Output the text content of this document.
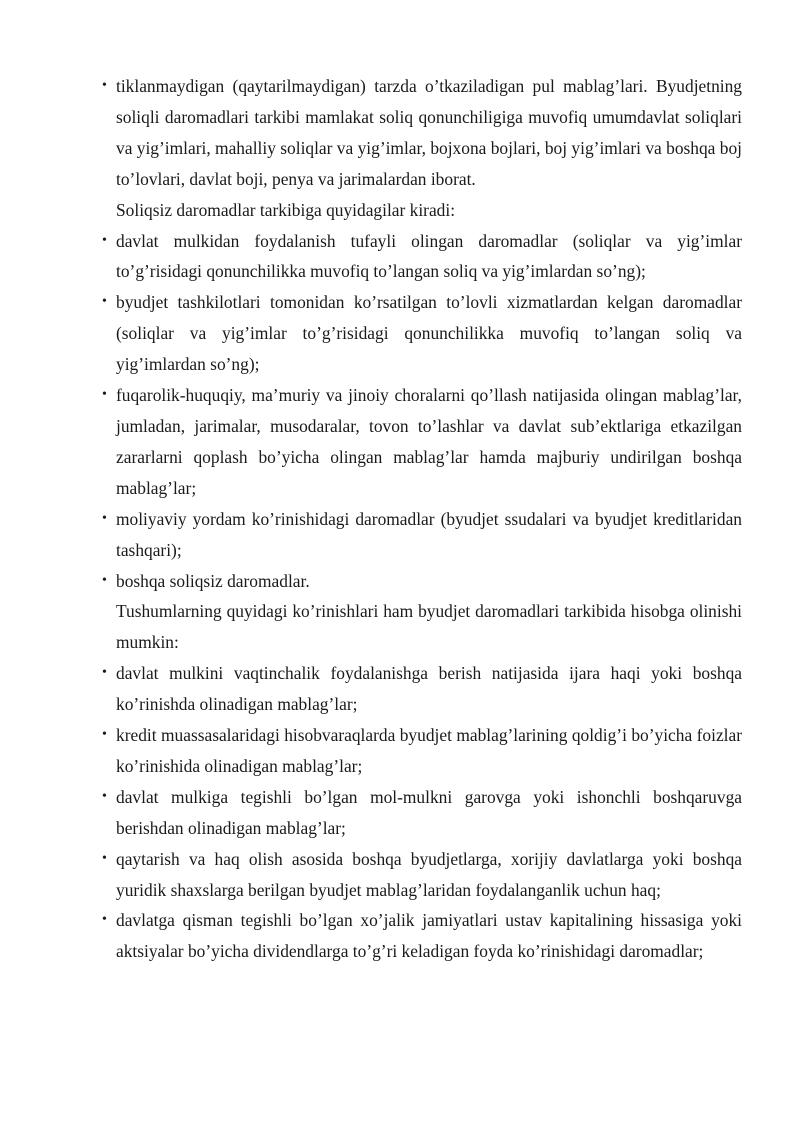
• tiklanmaydigan (qaytarilmaydigan) tarzda o’tkaziladigan pul mablag’lari. Byudjetning soliqli daromadlari tarkibi mamlakat soliq qonunchiligiga muvofiq umumdavlat soliqlari va yig’imlari, mahalliy soliqlar va yig’imlar, bojxona bojlari, boj yig’imlari va boshqa boj to’lovlari, davlat boji, penya va jarimalardan iborat.

Soliqsiz daromadlar tarkibiga quyidagilar kiradi:

• davlat mulkidan foydalanish tufayli olingan daromadlar (soliqlar va yig’imlar to’g’risidagi qonunchilikka muvofiq to’langan soliq va yig’imlardan so’ng);
• byudjet tashkilotlari tomonidan ko’rsatilgan to’lovli xizmatlardan kelgan daromadlar (soliqlar va yig’imlar to’g’risidagi qonunchilikka muvofiq to’langan soliq va yig’imlardan so’ng);
• fuqarolik-huquqiy, ma’muriy va jinoiy choralarni qo’llash natijasida olingan mablag’lar, jumladan, jarimalar, musodaralar, tovon to’lashlar va davlat sub’ektlariga etkazilgan zararlarni qoplash bo’yicha olingan mablag’lar hamda majburiy undirilgan boshqa mablag’lar;
• moliyaviy yordam ko’rinishidagi daromadlar (byudjet ssudalari va byudjet kreditlaridan tashqari);
• boshqa soliqsiz daromadlar.

Tushumlarning quyidagi ko’rinishlari ham byudjet daromadlari tarkibida hisobga olinishi mumkin:

• davlat mulkini vaqtinchalik foydalanishga berish natijasida ijara haqi yoki boshqa ko’rinishda olinadigan mablag’lar;
• kredit muassasalaridagi hisobvaraqlarda byudjet mablag’larining qoldig’i bo’yicha foizlar ko’rinishida olinadigan mablag’lar;
• davlat mulkiga tegishli bo’lgan mol-mulkni garovga yoki ishonchli boshqaruvga berishdan olinadigan mablag’lar;
• qaytarish va haq olish asosida boshqa byudjetlarga, xorijiy davlatlarga yoki boshqa yuridik shaxslarga berilgan byudjet mablag’laridan foydalanganlik uchun haq;
• davlatga qisman tegishli bo’lgan xo’jalik jamiyatlari ustav kapitalining hissasiga yoki aktsiyalar bo’yicha dividendlarga to’g’ri keladigan foyda ko’rinishidagi daromadlar;
